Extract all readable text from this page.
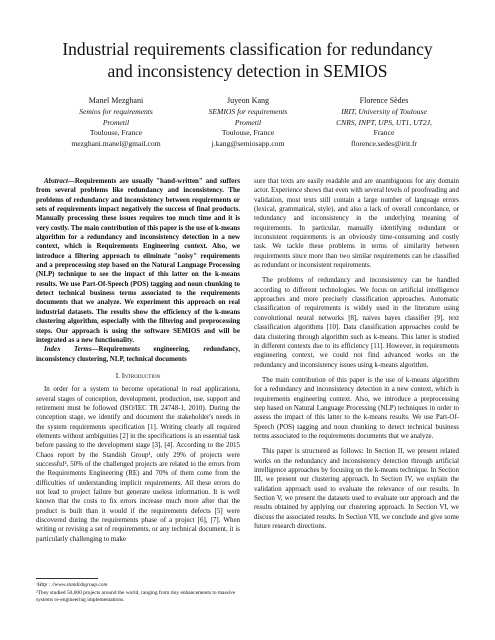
Industrial requirements classification for redundancy
and inconsistency detection in SEMIOS
Manel Mezghani
Semios for requirements
Prometil
Toulouse, France
mezghani.manel@gmail.com
Juyeon Kang
SEMIOS for requirements
Prometil
Toulouse, France
j.kang@semiosapp.com
Florence Sèdes
IRIT, University of Toulouse
CNRS, INPT, UPS, UT1, UT2J,
France
florence.sedes@irit.fr

Abstract—Requirements are usually "hand-written" and suffers from several problems like redundancy and inconsistency. The problems of redundancy and inconsistency between requirements or sets of requirements impact negatively the success of final products. Manually processing these issues requires too much time and it is very costly. The main contribution of this paper is the use of k-means algorithm for a redundancy and inconsistency detection in a new context, which is Requirements Engineering context. Also, we introduce a filtering approach to eliminate "noisy" requirements and a preprocessing step based on the Natural Language Processing (NLP) technique to see the impact of this latter on the k-means results. We use Part-Of-Speech (POS) tagging and noun chunking to detect technical business terms associated to the requirements documents that we analyze. We experiment this approach on real industrial datasets. The results show the efficiency of the k-means clustering algorithm, especially with the filtering and preprocessing steps. Our approach is using the software SEMIOS and will be integrated as a new functionality.

Index Terms—Requirements engineering, redundancy, inconsistency clustering, NLP, technical documents

I. Introduction

In order for a system to become operational in real applications, several stages of conception, development, production, use, support and retirement must be followed (ISO/IEC TR 24748-1, 2010). During the conception stage, we identify and document the stakeholder's needs in the system requirements specification [1]. Writing clearly all required elements without ambiguities [2] in the specifications is an essential task before passing to the development stage [3], [4]. According to the 2015 Chaos report by the Standish Group¹, only 29% of projects were successful², 50% of the challenged projects are related to the errors from the Requirements Engineering (RE) and 70% of them come from the difficulties of understanding implicit requirements. All these errors do not lead to project failure but generate useless information. It is well known that the costs to fix errors increase much more after that the product is built than it would if the requirements defects [5] were discovered during the requirements phase of a project [6], [7]. When writing or revising a set of requirements, or any technical document, it is particularly challenging to make

sure that texts are easily readable and are unambiguous for any domain actor. Experience shows that even with several levels of proofreading and validation, most texts still contain a large number of language errors (lexical, grammatical, style), and also a lack of overall concordance, or redundancy and inconsistency in the underlying meaning of requirements. In particular, manually identifying redundant or inconsistent requirements is an obviously time-consuming and costly task. We tackle these problems in terms of similarity between requirements since more than two similar requirements can be classified as redundant or inconsistent requirements.

The problems of redundancy and inconsistency can be handled according to different technologies. We focus on artificial intelligence approaches and more precisely classification approaches. Automatic classification of requirements is widely used in the literature using convolutional neural networks [8], naives bayes classifier [9], text classification algorithms [10]. Data classification approaches could be data clustering through algorithm such as k-means. This latter is studied in different contexts due to its efficiency [11]. However, in requirements engineering context, we could not find advanced works on the redundancy and inconsistency issues using k-means algorithm.

The main contribution of this paper is the use of k-means algorithm for a redundancy and inconsistency detection in a new context, which is requirements engineering context. Also, we introduce a preprocessing step based on Natural Language Processing (NLP) techniques in order to assess the impact of this latter to the k-means results. We use Part-Of-Speech (POS) tagging and noun chunking to detect technical business terms associated to the requirements documents that we analyze.

This paper is structured as follows: In Section II, we present related works on the redundancy and inconsistency detection through artificial intelligence approaches by focusing on the k-means technique. In Section III, we present our clustering approach. In Section IV, we explain the validation approach used to evaluate the relevance of our results. In Section V, we present the datasets used to evaluate our approach and the results obtained by applying our clustering approach. In Section VI, we discuss the associated results. In Section VII, we conclude and give some future research directions.

¹Http : //www.standishgroup.com
²They studied 50,000 projects around the world, ranging from tiny enhancements to massive systems re-engineering implementations.
